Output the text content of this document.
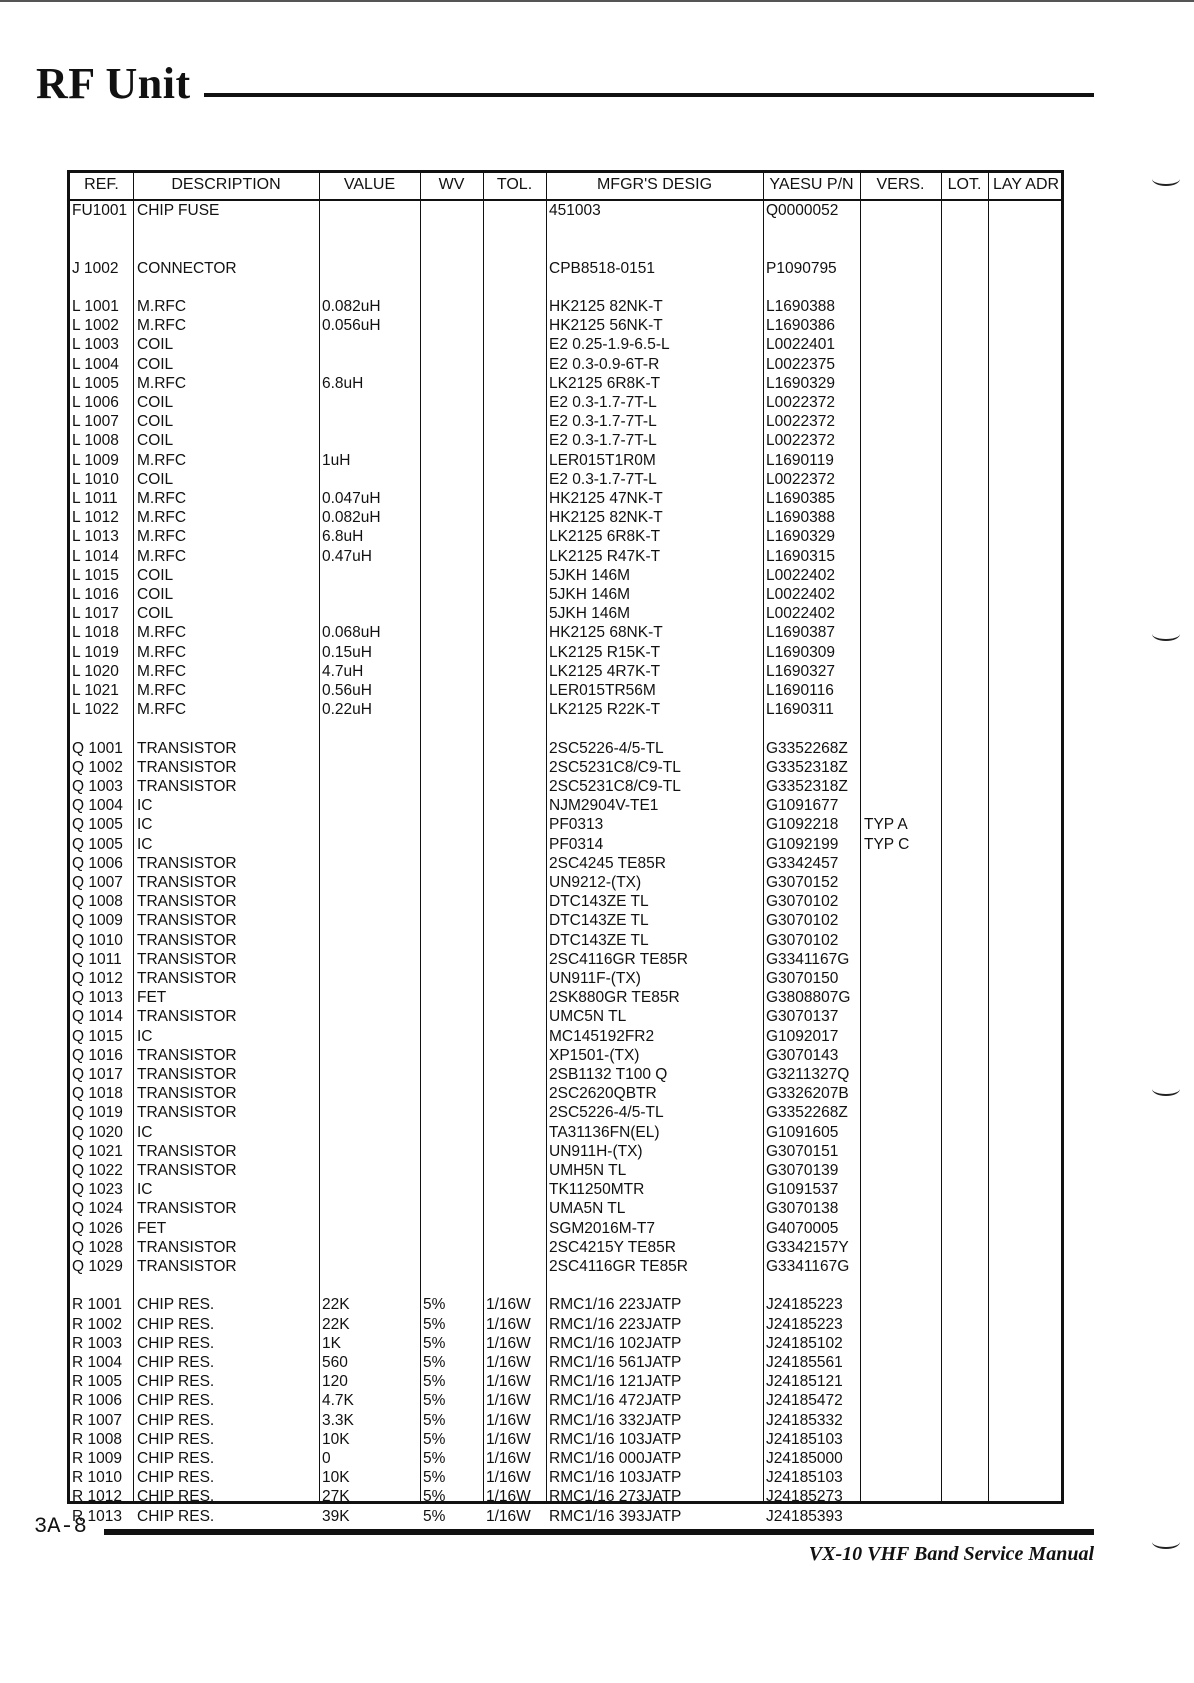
RF Unit
REF.	DESCRIPTION	VALUE	WV	TOL.	MFGR'S DESIG	YAESU P/N	VERS.	LOT. LAY ADR
FU1001 CHIP FUSE	451003	Q0000052
J 1002 CONNECTOR	CPB8518-0151	P1090795
L 1001 M.RFC	0.082uH	HK2125 82NK-T	L1690388
L 1002 M.RFC	0.056uH	HK2125 56NK-T	L1690386
L 1003 COIL	E2 0.25-1.9-6.5-L	L0022401
L 1004 COIL	E2 0.3-0.9-6T-R	L0022375
L 1005 M.RFC	6.8uH	LK2125 6R8K-T	L1690329
L 1006 COIL	E2 0.3-1.7-7T-L	L0022372
L 1007 COIL	E2 0.3-1.7-7T-L	L0022372
L 1008 COIL	E2 0.3-1.7-7T-L	L0022372
L 1009 M.RFC	1uH	LER015T1R0M	L1690119
L 1010 COIL	E2 0.3-1.7-7T-L	L0022372
L 1011 M.RFC	0.047uH	HK2125 47NK-T	L1690385
L 1012 M.RFC	0.082uH	HK2125 82NK-T	L1690388
L 1013 M.RFC	6.8uH	LK2125 6R8K-T	L1690329
L 1014 M.RFC	0.47uH	LK2125 R47K-T	L1690315
L 1015 COIL	5JKH 146M	L0022402
L 1016 COIL	5JKH 146M	L0022402
L 1017 COIL	5JKH 146M	L0022402
L 1018 M.RFC	0.068uH	HK2125 68NK-T	L1690387
L 1019 M.RFC	0.15uH	LK2125 R15K-T	L1690309
L 1020 M.RFC	4.7uH	LK2125 4R7K-T	L1690327
L 1021 M.RFC	0.56uH	LER015TR56M	L1690116
L 1022 M.RFC	0.22uH	LK2125 R22K-T	L1690311
Q 1001 TRANSISTOR	2SC5226-4/5-TL	G3352268Z
Q 1002 TRANSISTOR	2SC5231C8/C9-TL	G3352318Z
Q 1003 TRANSISTOR	2SC5231C8/C9-TL	G3352318Z
Q 1004 IC	NJM2904V-TE1	G1091677
Q 1005 IC	PF0313	G1092218 TYP A
Q 1005 IC	PF0314	G1092199 TYP C
Q 1006 TRANSISTOR	2SC4245 TE85R	G3342457
Q 1007 TRANSISTOR	UN9212-(TX)	G3070152
Q 1008 TRANSISTOR	DTC143ZE TL	G3070102
Q 1009 TRANSISTOR	DTC143ZE TL	G3070102
Q 1010 TRANSISTOR	DTC143ZE TL	G3070102
Q 1011 TRANSISTOR	2SC4116GR TE85R	G3341167G
Q 1012 TRANSISTOR	UN911F-(TX)	G3070150
Q 1013 FET	2SK880GR TE85R	G3808807G
Q 1014 TRANSISTOR	UMC5N TL	G3070137
Q 1015 IC	MC145192FR2	G1092017
Q 1016 TRANSISTOR	XP1501-(TX)	G3070143
Q 1017 TRANSISTOR	2SB1132 T100 Q	G3211327Q
Q 1018 TRANSISTOR	2SC2620QBTR	G3326207B
Q 1019 TRANSISTOR	2SC5226-4/5-TL	G3352268Z
Q 1020 IC	TA31136FN(EL)	G1091605
Q 1021 TRANSISTOR	UN911H-(TX)	G3070151
Q 1022 TRANSISTOR	UMH5N TL	G3070139
Q 1023 IC	TK11250MTR	G1091537
Q 1024 TRANSISTOR	UMA5N TL	G3070138
Q 1026 FET	SGM2016M-T7	G4070005
Q 1028 TRANSISTOR	2SC4215Y TE85R	G3342157Y
Q 1029 TRANSISTOR	2SC4116GR TE85R	G3341167G
R 1001 CHIP RES.	22K	5%	1/16W RMC1/16 223JATP	J24185223
R 1002 CHIP RES.	22K	5%	1/16W RMC1/16 223JATP	J24185223
R 1003 CHIP RES.	1K	5%	1/16W RMC1/16 102JATP	J24185102
R 1004 CHIP RES.	560	5%	1/16W RMC1/16 561JATP	J24185561
R 1005 CHIP RES.	120	5%	1/16W RMC1/16 121JATP	J24185121
R 1006 CHIP RES.	4.7K	5%	1/16W RMC1/16 472JATP	J24185472
R 1007 CHIP RES.	3.3K	5%	1/16W RMC1/16 332JATP	J24185332
R 1008 CHIP RES.	10K	5%	1/16W RMC1/16 103JATP	J24185103
R 1009 CHIP RES.	0	5%	1/16W RMC1/16 000JATP	J24185000
R 1010 CHIP RES.	10K	5%	1/16W RMC1/16 103JATP	J24185103
R 1012 CHIP RES.	27K	5%	1/16W RMC1/16 273JATP	J24185273
R 1013 CHIP RES.	39K	5%	1/16W RMC1/16 393JATP	J24185393
3A-8
VX-10 VHF Band Service Manual
